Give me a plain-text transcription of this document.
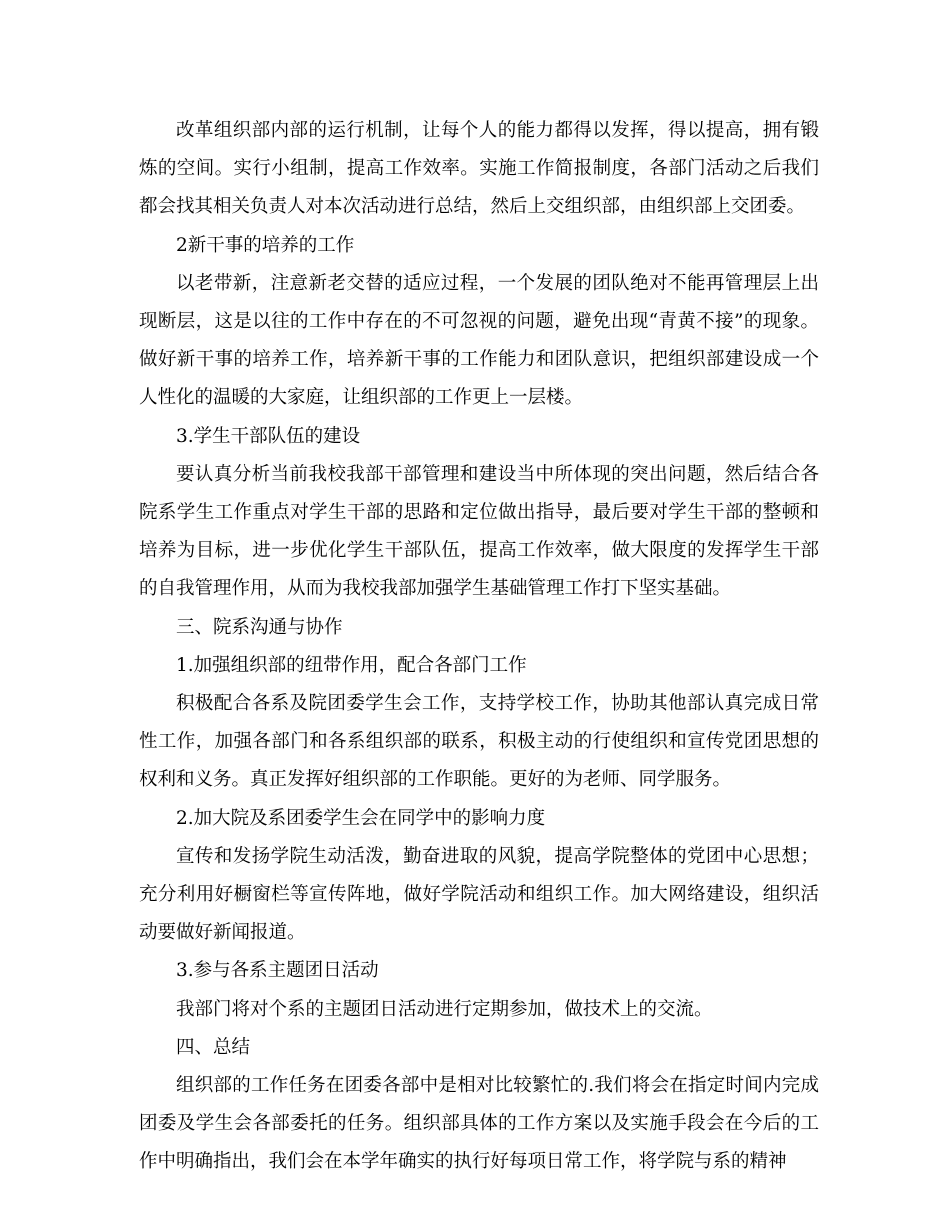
改革组织部内部的运行机制，让每个人的能力都得以发挥，得以提高，拥有锻炼的空间。实行小组制，提高工作效率。实施工作简报制度，各部门活动之后我们都会找其相关负责人对本次活动进行总结，然后上交组织部，由组织部上交团委。

2新干事的培养的工作

以老带新，注意新老交替的适应过程，一个发展的团队绝对不能再管理层上出现断层，这是以往的工作中存在的不可忽视的问题，避免出现“青黄不接”的现象。做好新干事的培养工作，培养新干事的工作能力和团队意识，把组织部建设成一个人性化的温暖的大家庭，让组织部的工作更上一层楼。

3.学生干部队伍的建设

要认真分析当前我校我部干部管理和建设当中所体现的突出问题，然后结合各院系学生工作重点对学生干部的思路和定位做出指导，最后要对学生干部的整顿和培养为目标，进一步优化学生干部队伍，提高工作效率，做大限度的发挥学生干部的自我管理作用，从而为我校我部加强学生基础管理工作打下坚实基础。

三、院系沟通与协作

1.加强组织部的纽带作用，配合各部门工作

积极配合各系及院团委学生会工作，支持学校工作，协助其他部认真完成日常性工作，加强各部门和各系组织部的联系，积极主动的行使组织和宣传党团思想的权利和义务。真正发挥好组织部的工作职能。更好的为老师、同学服务。

2.加大院及系团委学生会在同学中的影响力度

宣传和发扬学院生动活泼，勤奋进取的风貌，提高学院整体的党团中心思想；充分利用好橱窗栏等宣传阵地，做好学院活动和组织工作。加大网络建设，组织活动要做好新闻报道。

3.参与各系主题团日活动

我部门将对个系的主题团日活动进行定期参加，做技术上的交流。

四、总结

组织部的工作任务在团委各部中是相对比较繁忙的.我们将会在指定时间内完成团委及学生会各部委托的任务。组织部具体的工作方案以及实施手段会在今后的工作中明确指出，我们会在本学年确实的执行好每项日常工作，将学院与系的精神
